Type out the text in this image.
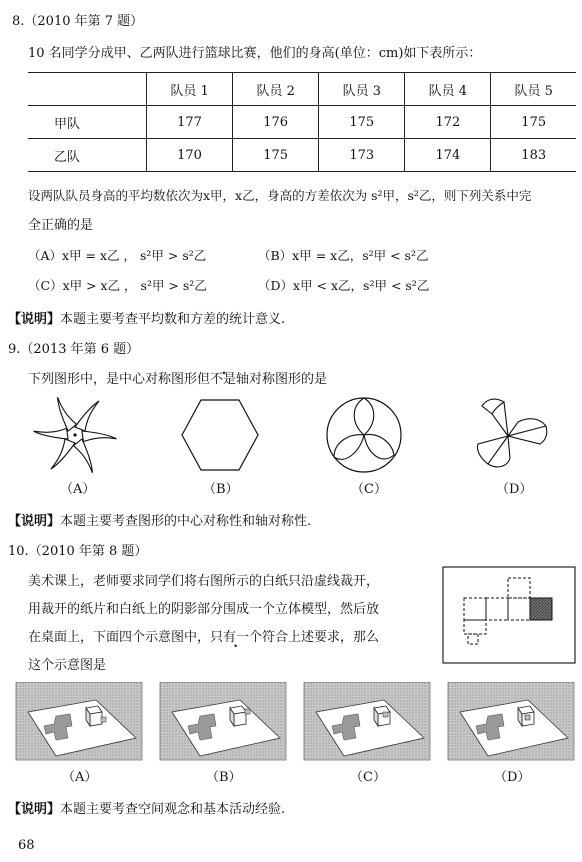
8.（2010 年第 7 题）
10 名同学分成甲、乙两队进行篮球比赛，他们的身高(单位：cm)如下表所示：
	队员 1	队员 2	队员 3	队员 4	队员 5
甲队	177	176	175	172	175
乙队	170	175	173	174	183
设两队队员身高的平均数依次为x甲，x乙，身高的方差依次为 s²甲，s²乙，则下列关系中完
全正确的是
（A）x甲 = x乙 ， s²甲 > s²乙	（B）x甲 = x乙，s²甲 < s²乙
（C）x甲 > x乙 ， s²甲 > s²乙	（D）x甲 < x乙，s²甲 < s²乙
【说明】本题主要考查平均数和方差的统计意义.
9.（2013 年第 6 题）
下列图形中，是中心对称图形但不是轴对称图形的是
（A）	（B）	（C）	（D）
【说明】本题主要考查图形的中心对称性和轴对称性.
10.（2010 年第 8 题）
美术课上，老师要求同学们将右图所示的白纸只沿虚线裁开，
用裁开的纸片和白纸上的阴影部分围成一个立体模型，然后放
在桌面上，下面四个示意图中，只有一个符合上述要求，那么
这个示意图是
（A）	（B）	（C）	（D）
【说明】本题主要考查空间观念和基本活动经验.
68
